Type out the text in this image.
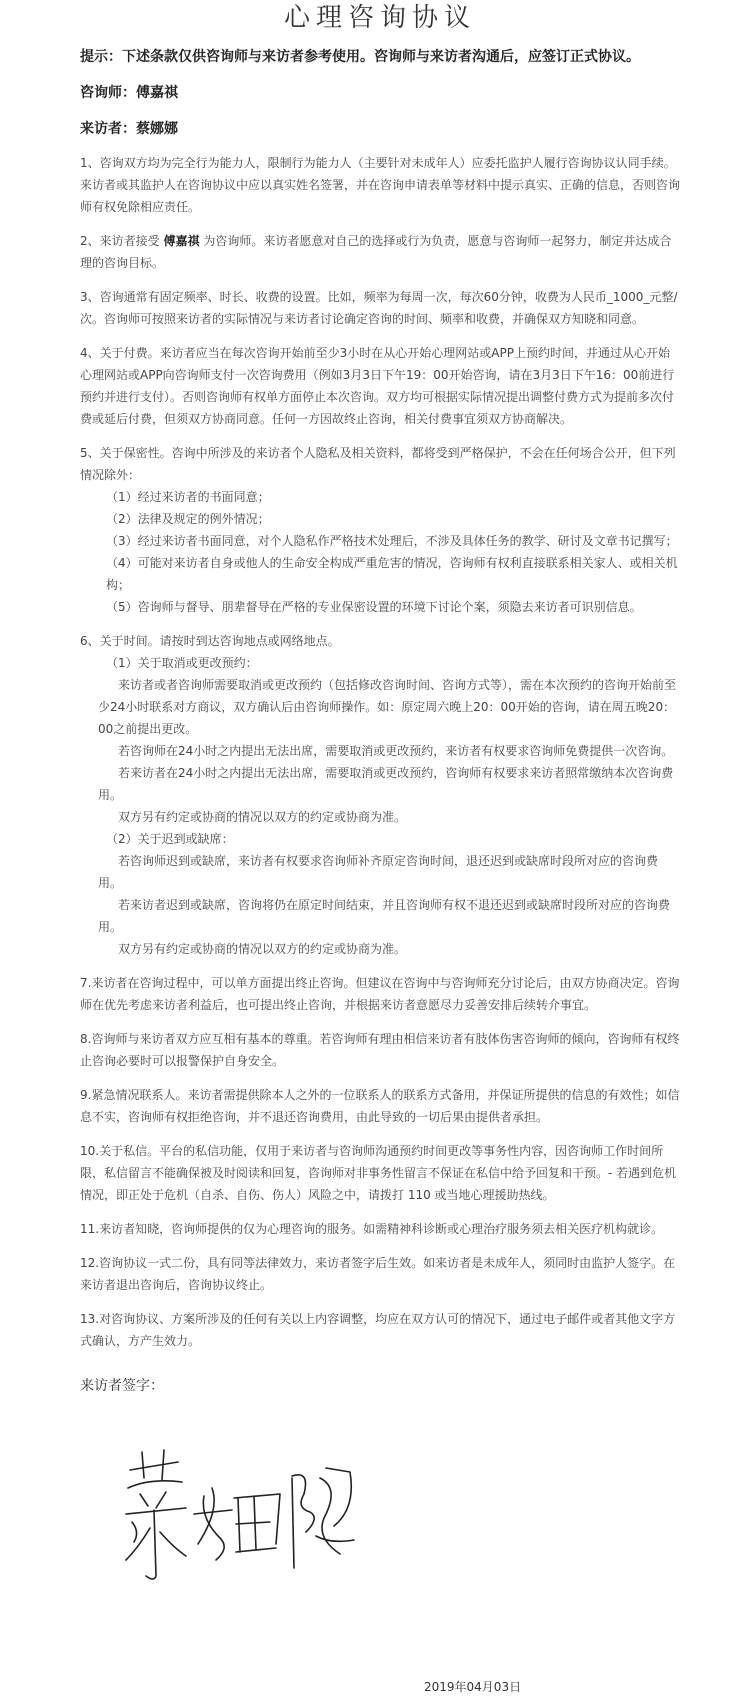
心理咨询协议
提示：下述条款仅供咨询师与来访者参考使用。咨询师与来访者沟通后，应签订正式协议。
咨询师：傅嘉祺
来访者：蔡娜娜
1、咨询双方均为完全行为能力人，限制行为能力人（主要针对未成年人）应委托监护人履行咨询协议认同手续。来访者或其监护人在咨询协议中应以真实姓名签署，并在咨询申请表单等材料中提示真实、正确的信息，否则咨询师有权免除相应责任。
2、来访者接受 傅嘉祺 为咨询师。来访者愿意对自己的选择或行为负责，愿意与咨询师一起努力，制定并达成合理的咨询目标。
3、咨询通常有固定频率、时长、收费的设置。比如，频率为每周一次，每次60分钟，收费为人民币_1000_元整/次。咨询师可按照来访者的实际情况与来访者讨论确定咨询的时间、频率和收费，并确保双方知晓和同意。
4、关于付费。来访者应当在每次咨询开始前至少3小时在从心开始心理网站或APP上预约时间，并通过从心开始心理网站或APP向咨询师支付一次咨询费用（例如3月3日下午19：00开始咨询，请在3月3日下午16：00前进行预约并进行支付）。否则咨询师有权单方面停止本次咨询。双方均可根据实际情况提出调整付费方式为提前多次付费或延后付费，但须双方协商同意。任何一方因故终止咨询，相关付费事宜须双方协商解决。
5、关于保密性。咨询中所涉及的来访者个人隐私及相关资料，都将受到严格保护，不会在任何场合公开，但下列情况除外：
（1）经过来访者的书面同意；
（2）法律及规定的例外情况；
（3）经过来访者书面同意，对个人隐私作严格技术处理后，不涉及具体任务的教学、研讨及文章书记撰写；
（4）可能对来访者自身或他人的生命安全构成严重危害的情况，咨询师有权利直接联系相关家人、或相关机构；
（5）咨询师与督导、朋辈督导在严格的专业保密设置的环境下讨论个案，须隐去来访者可识别信息。
6、关于时间。请按时到达咨询地点或网络地点。
（1）关于取消或更改预约：
来访者或者咨询师需要取消或更改预约（包括修改咨询时间、咨询方式等），需在本次预约的咨询开始前至少24小时联系对方商议，双方确认后由咨询师操作。如：原定周六晚上20：00开始的咨询，请在周五晚20：00之前提出更改。
若咨询师在24小时之内提出无法出席，需要取消或更改预约，来访者有权要求咨询师免费提供一次咨询。
若来访者在24小时之内提出无法出席，需要取消或更改预约，咨询师有权要求来访者照常缴纳本次咨询费用。
双方另有约定或协商的情况以双方的约定或协商为准。
（2）关于迟到或缺席：
若咨询师迟到或缺席，来访者有权要求咨询师补齐原定咨询时间，退还迟到或缺席时段所对应的咨询费用。
若来访者迟到或缺席，咨询将仍在原定时间结束，并且咨询师有权不退还迟到或缺席时段所对应的咨询费用。
双方另有约定或协商的情况以双方的约定或协商为准。
7.来访者在咨询过程中，可以单方面提出终止咨询。但建议在咨询中与咨询师充分讨论后，由双方协商决定。咨询师在优先考虑来访者利益后，也可提出终止咨询，并根据来访者意愿尽力妥善安排后续转介事宜。
8.咨询师与来访者双方应互相有基本的尊重。若咨询师有理由相信来访者有肢体伤害咨询师的倾向，咨询师有权终止咨询必要时可以报警保护自身安全。
9.紧急情况联系人。来访者需提供除本人之外的一位联系人的联系方式备用，并保证所提供的信息的有效性；如信息不实，咨询师有权拒绝咨询，并不退还咨询费用，由此导致的一切后果由提供者承担。
10.关于私信。平台的私信功能，仅用于来访者与咨询师沟通预约时间更改等事务性内容，因咨询师工作时间所限，私信留言不能确保被及时阅读和回复，咨询师对非事务性留言不保证在私信中给予回复和干预。- 若遇到危机情况，即正处于危机（自杀、自伤、伤人）风险之中，请拨打 110 或当地心理援助热线。
11.来访者知晓，咨询师提供的仅为心理咨询的服务。如需精神科诊断或心理治疗服务须去相关医疗机构就诊。
12.咨询协议一式二份，具有同等法律效力，来访者签字后生效。如来访者是未成年人，须同时由监护人签字。在来访者退出咨询后，咨询协议终止。
13.对咨询协议、方案所涉及的任何有关以上内容调整，均应在双方认可的情况下，通过电子邮件或者其他文字方式确认，方产生效力。
来访者签字：
2019年04月03日
